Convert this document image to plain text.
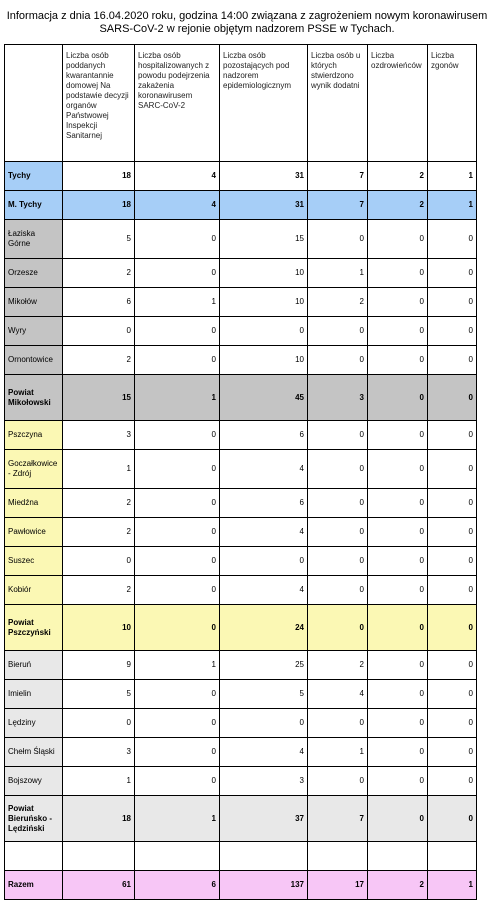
Informacja z dnia 16.04.2020 roku, godzina 14:00 związana z zagrożeniem nowym koronawirusem
SARS-CoV-2 w rejonie objętym nadzorem PSSE w Tychach.
	Liczba osób poddanych kwarantannie domowej Na podstawie decyzji organów Państwowej Inspekcji Sanitarnej	Liczba osób hospitalizowanych z powodu podejrzenia zakażenia koronawirusem SARC-CoV-2	Liczba osób pozostających pod nadzorem epidemiologicznym	Liczba osób u których stwierdzono wynik dodatni	Liczba ozdrowieńców	Liczba zgonów
Tychy	18	4	31	7	2	1
M. Tychy	18	4	31	7	2	1
Łaziska Górne	5	0	15	0	0	0
Orzesze	2	0	10	1	0	0
Mikołów	6	1	10	2	0	0
Wyry	0	0	0	0	0	0
Ornontowice	2	0	10	0	0	0
Powiat Mikołowski	15	1	45	3	0	0
Pszczyna	3	0	6	0	0	0
Goczałkowice - Zdrój	1	0	4	0	0	0
Miedźna	2	0	6	0	0	0
Pawłowice	2	0	4	0	0	0
Suszec	0	0	0	0	0	0
Kobiór	2	0	4	0	0	0
Powiat Pszczyński	10	0	24	0	0	0
Bieruń	9	1	25	2	0	0
Imielin	5	0	5	4	0	0
Lędziny	0	0	0	0	0	0
Chełm Śląski	3	0	4	1	0	0
Bojszowy	1	0	3	0	0	0
Powiat Bieruńsko - Lędziński	18	1	37	7	0	0

Razem	61	6	137	17	2	1
